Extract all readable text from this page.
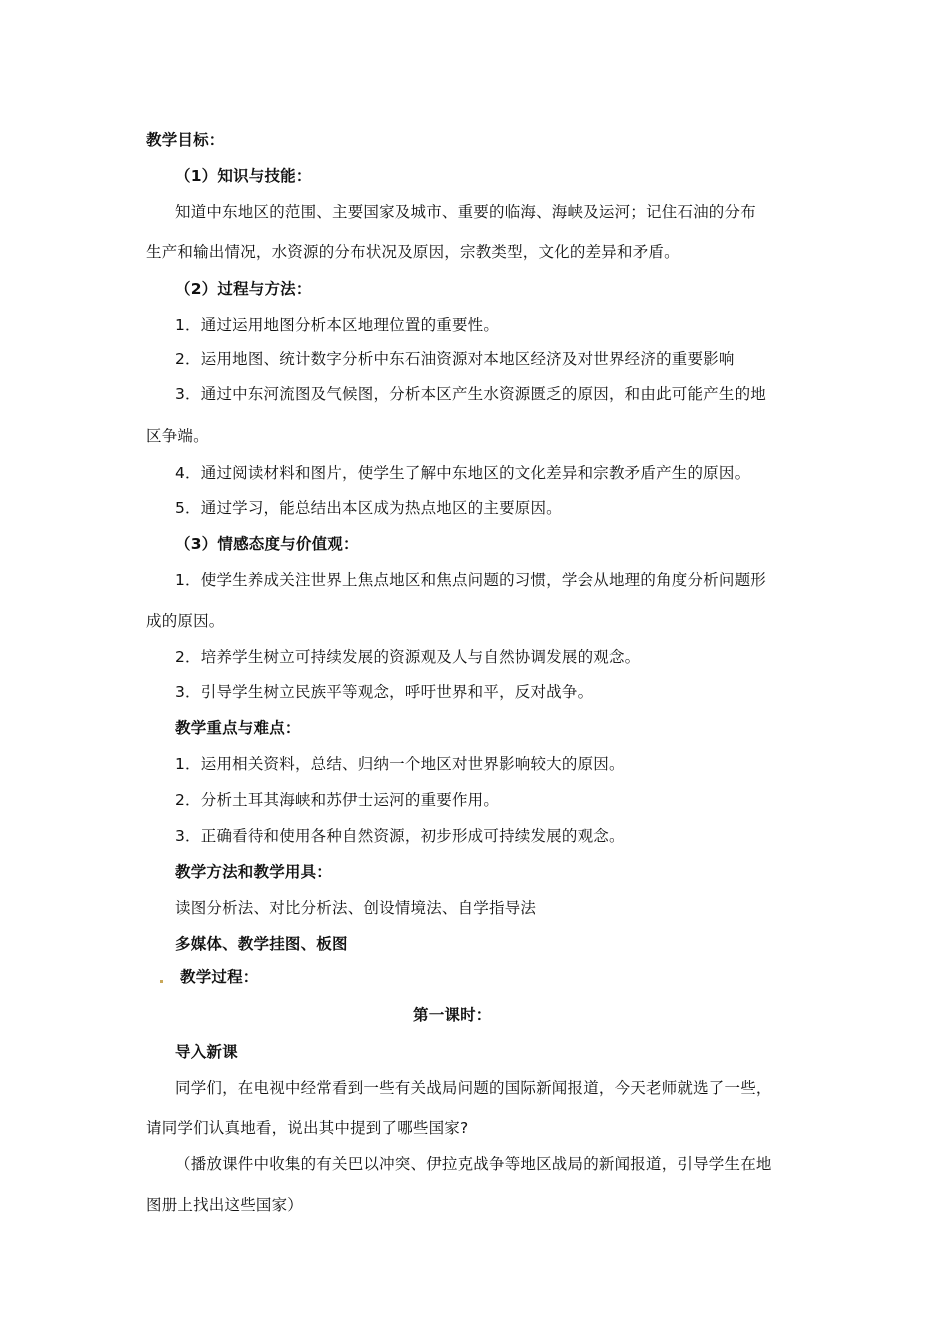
教学目标：
（1）知识与技能：
知道中东地区的范围、主要国家及城市、重要的临海、海峡及运河；记住石油的分布
生产和输出情况，水资源的分布状况及原因，宗教类型，文化的差异和矛盾。
（2）过程与方法：
1．通过运用地图分析本区地理位置的重要性。
2．运用地图、统计数字分析中东石油资源对本地区经济及对世界经济的重要影响
3．通过中东河流图及气候图，分析本区产生水资源匮乏的原因，和由此可能产生的地
区争端。
4．通过阅读材料和图片，使学生了解中东地区的文化差异和宗教矛盾产生的原因。
5．通过学习，能总结出本区成为热点地区的主要原因。
（3）情感态度与价值观：
1．使学生养成关注世界上焦点地区和焦点问题的习惯，学会从地理的角度分析问题形
成的原因。
2．培养学生树立可持续发展的资源观及人与自然协调发展的观念。
3．引导学生树立民族平等观念，呼吁世界和平，反对战争。
教学重点与难点：
1．运用相关资料，总结、归纳一个地区对世界影响较大的原因。
2．分析土耳其海峡和苏伊士运河的重要作用。
3．正确看待和使用各种自然资源，初步形成可持续发展的观念。
教学方法和教学用具：
读图分析法、对比分析法、创设情境法、自学指导法
多媒体、教学挂图、板图
教学过程：
第一课时：
导入新课
同学们，在电视中经常看到一些有关战局问题的国际新闻报道，今天老师就选了一些，
请同学们认真地看，说出其中提到了哪些国家?
（播放课件中收集的有关巴以冲突、伊拉克战争等地区战局的新闻报道，引导学生在地
图册上找出这些国家）
